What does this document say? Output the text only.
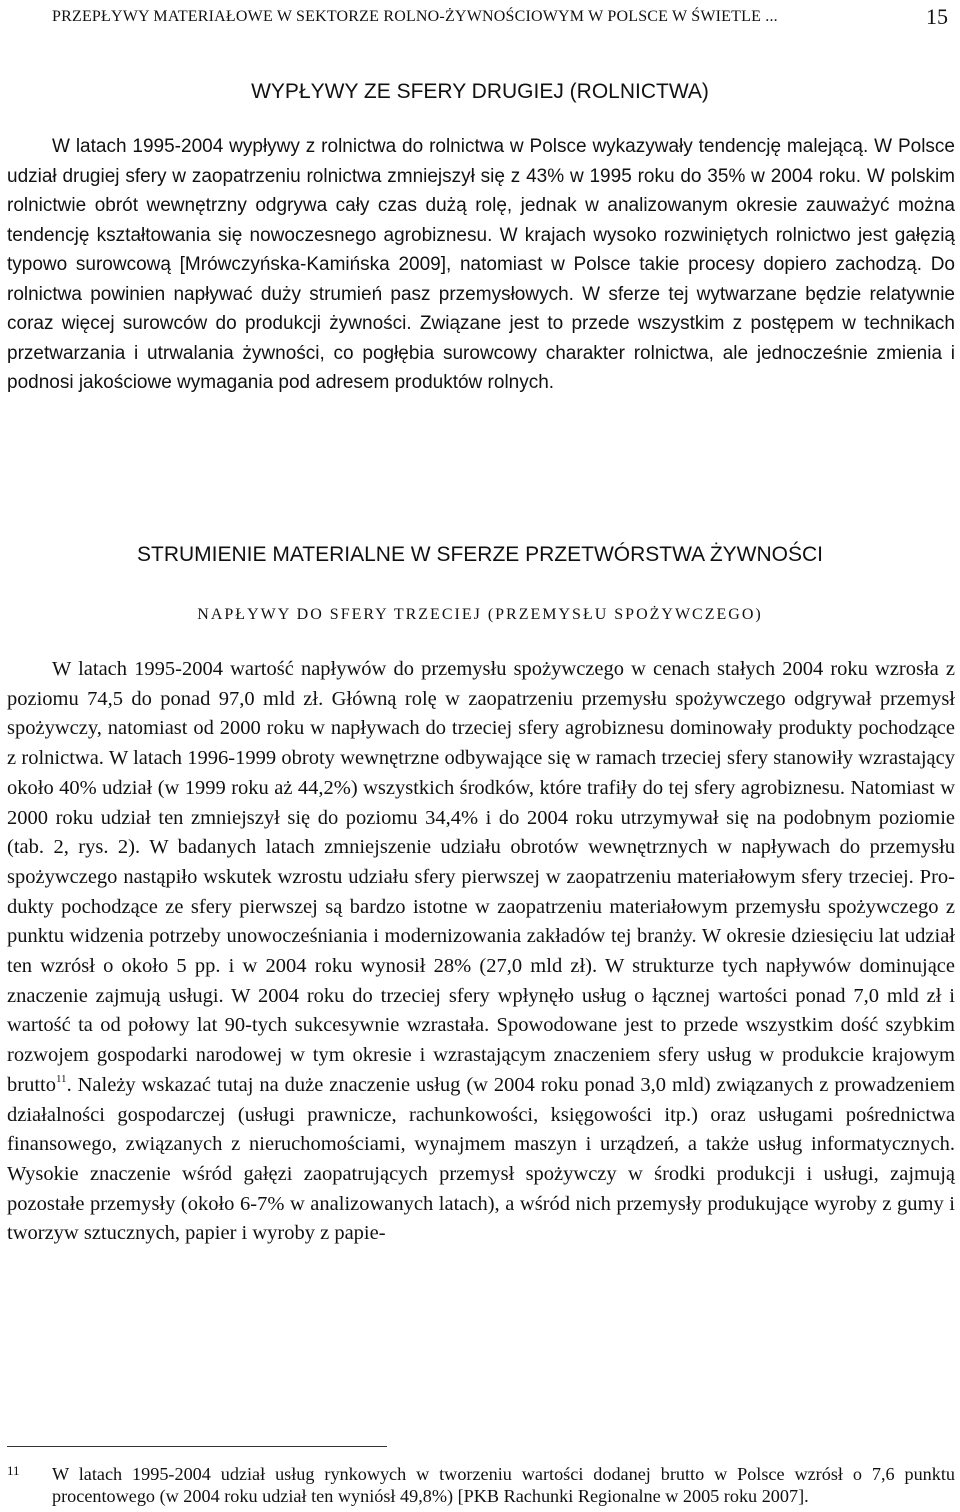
PRZEPŁYWY MATERIAŁOWE W SEKTORZE ROLNO-ŻYWNOŚCIOWYM W POLSCE W ŚWIETLE ...	15
WYPŁYWY ZE SFERY DRUGIEJ (ROLNICTWA)

W latach 1995-2004 wypływy z rolnictwa do rolnictwa w Polsce wykazywały tendencję malejącą. W Polsce udział drugiej sfery w zaopatrzeniu rolnictwa zmniejszył się z 43% w 1995 roku do 35% w 2004 roku. W polskim rolnictwie obrót wewnętrzny odgrywa cały czas dużą rolę, jednak w analizowanym okresie zauważyć można tendencję kształtowania się nowoczesnego agrobiznesu. W krajach wysoko rozwiniętych rolnictwo jest gałęzią typowo surowcową [Mrówczyńska-Kamińska 2009], natomiast w Polsce takie procesy dopiero zachodzą. Do rolnictwa powinien napływać duży strumień pasz przemysłowych. W sferze tej wytwarzane będzie relatywnie coraz więcej surowców do produkcji żywności. Związane jest to przede wszystkim z postępem w technikach przetwarzania i utrwalania żywności, co pogłębia surowcowy charakter rolnictwa, ale jednocześnie zmienia i podnosi jakościowe wymagania pod adresem produktów rolnych.

STRUMIENIE MATERIALNE W SFERZE PRZETWÓRSTWA ŻYWNOŚCI
NAPŁYWY DO SFERY TRZECIEJ (PRZEMYSŁU SPOŻYWCZEGO)

W latach 1995-2004 wartość napływów do przemysłu spożywczego w cenach stałych 2004 roku wzrosła z poziomu 74,5 do ponad 97,0 mld zł. Główną rolę w zaopatrzeniu przemysłu spożywczego odgrywał przemysł spożywczy, natomiast od 2000 roku w napływach do trzeciej sfery agrobiznesu dominowały produkty pochodzące z rolnictwa. W latach 1996-1999 obroty wewnętrzne odbywające się w ramach trzeciej sfery stanowiły wzrastający około 40% udział (w 1999 roku aż 44,2%) wszystkich środków, które trafiły do tej sfery agrobiznesu. Natomiast w 2000 roku udział ten zmniejszył się do poziomu 34,4% i do 2004 roku utrzymywał się na podobnym poziomie (tab. 2, rys. 2). W badanych latach zmniejszenie udziału obrotów wewnętrznych w napływach do przemysłu spożywczego nastąpiło wskutek wzrostu udziału sfery pierwszej w zaopatrzeniu materiałowym sfery trzeciej. Produkty pochodzące ze sfery pierwszej są bardzo istotne w zaopatrzeniu materiałowym przemysłu spożywczego z punktu widzenia potrzeby unowocześniania i modernizowania zakładów tej branży. W okresie dziesięciu lat udział ten wzrósł o około 5 pp. i w 2004 roku wynosił 28% (27,0 mld zł). W strukturze tych napływów dominujące znaczenie zajmują usługi. W 2004 roku do trzeciej sfery wpłynęło usług o łącznej wartości ponad 7,0 mld zł i wartość ta od połowy lat 90-tych sukcesywnie wzrastała. Spowodowane jest to przede wszystkim dość szybkim rozwojem gospodarki narodowej w tym okresie i wzrastającym znaczeniem sfery usług w produkcie krajowym brutto$^{11}$. Należy wskazać tutaj na duże znaczenie usług (w 2004 roku ponad 3,0 mld) związanych z prowadzeniem działalności gospodarczej (usługi prawnicze, rachunkowości, księgowości itp.) oraz usługami pośrednictwa finansowego, związanych z nieruchomościami, wynajmem maszyn i urządzeń, a także usług informatycznych. Wysokie znaczenie wśród gałęzi zaopatrujących przemysł spożywczy w środki produkcji i usługi, zajmują pozostałe przemysły (około 6-7% w analizowanych latach), a wśród nich przemysły produkujące wyroby z gumy i tworzyw sztucznych, papier i wyroby z papie-

11 W latach 1995-2004 udział usług rynkowych w tworzeniu wartości dodanej brutto w Polsce wzrósł o 7,6 punktu procentowego (w 2004 roku udział ten wyniósł 49,8%) [PKB Rachunki Regionalne w 2005 roku 2007].
